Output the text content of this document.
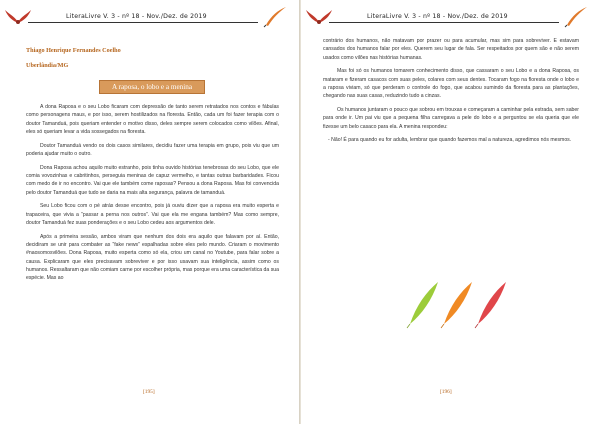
LiteraLivre V. 3 - nº 18 - Nov./Dez. de 2019
Thiago Henrique Fernandes Coelho
Uberlândia/MG
A raposa, o lobo e a menina

A dona Raposa e o seu Lobo ficaram com depressão de tanto serem retratados nos contos e fábulas como personagens maus, e por isso, serem hostilizados na floresta. Então, cada um foi fazer terapia com o doutor Tamanduá, pois queriam entender o motivo disso, deles sempre serem colocados como vilões. Afinal, eles só queriam levar a vida sossegados na floresta.

Doutor Tamanduá vendo os dois casos similares, decidiu fazer uma terapia em grupo, pois viu que um poderia ajudar muito o outro.

Dona Raposa achou aquilo muito estranho, pois tinha ouvido histórias tenebrosas do seu Lobo, que ele comia vovozinhas e cabritinhos, perseguia meninas de capuz vermelho, e tantas outras barbaridades. Ficou com medo de ir no encontro. Vai que ele também come raposas? Pensou a dona Raposa. Mas foi convencida pelo doutor Tamanduá que tudo se daria na mais alta segurança, palavra de tamanduá.

Seu Lobo ficou com o pé atrás desse encontro, pois já ouviu dizer que a raposa era muito esperta e trapaceira, que vivia a “passar a perna nos outros”. Vai que ela me engana também? Mas como sempre, doutor Tamanduá fez suas ponderações e o seu Lobo cedeu aos argumentos dele.

Após a primeira sessão, ambos viram que nenhum dos dois era aquilo que falavam por aí. Então, decidiram se unir para combater as “fake news” espalhadas sobre eles pelo mundo. Criaram o movimento #naosomosvilões. Dona Raposa, muito esperta como só ela, criou um canal no Youtube, para falar sobre a causa. Explicaram que eles precisavam sobreviver e por isso usavam sua inteligência, assim como os humanos. Ressaltaram que não comiam carne por escolher própria, mas porque era uma característica da sua espécie. Mas ao

[195]
LiteraLivre V. 3 - nº 18 - Nov./Dez. de 2019

contrário dos humanos, não matavam por prazer ou para acumular, mas sim para sobreviver. E estavam cansados dos humanos falar por eles. Querem seu lugar de fala. Ser respeitados por quem são e não serem usados como vilões nas histórias humanas.

Mas foi só os humanos tomarem conhecimento disso, que cassaram o seu Lobo e a dona Raposa, os mataram e fizeram casacos com suas peles, colares com seus dentes. Tocaram fogo na floresta onde o lobo e a raposa viviam, só que perderam o controle do fogo, que acabou sumindo da floresta para as plantações, chegando nas suas casas, reduzindo tudo a cinzas.

Os humanos juntaram o pouco que sobrou em trouxas e começaram a caminhar pela estrada, sem saber para onde ir. Um pai viu que a pequena filha carregava a pele do lobo e a perguntou se ela queria que ele fizesse um belo casaco para ela. A menina respondeu:

- Não! É para quando eu for adulta, lembrar que quando fazemos mal a natureza, agredimos nós mesmos.

[196]
